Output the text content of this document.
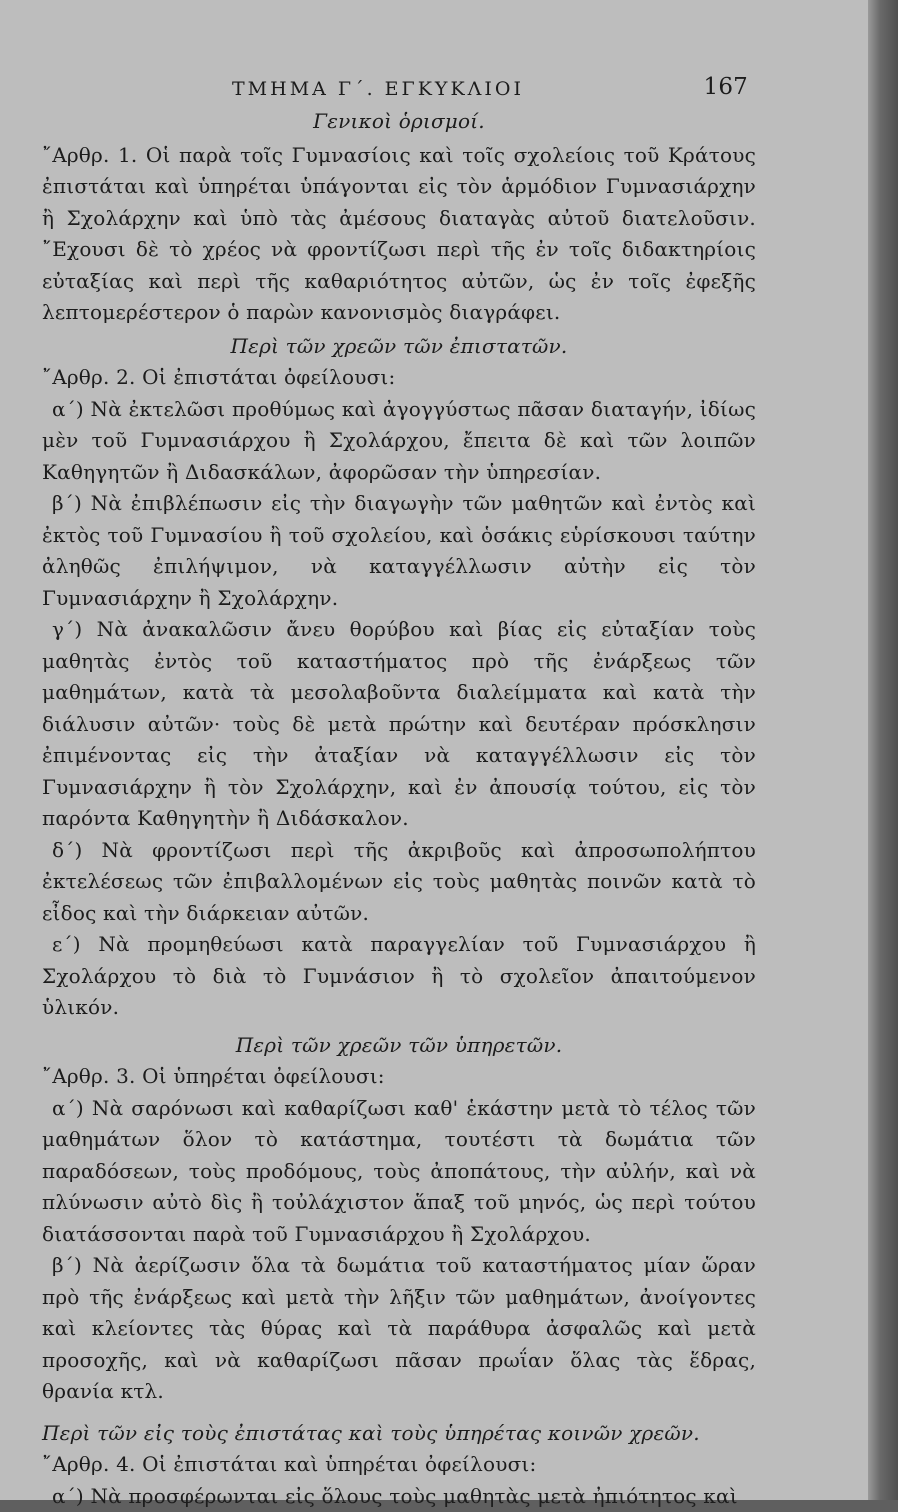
ΤΜΗΜΑ Γ΄. ΕΓΚΥΚΛΙΟΙ	167
Γενικοὶ ὁρισμοί.

῎Αρθρ. 1. Οἱ παρὰ τοῖς Γυμνασίοις καὶ τοῖς σχολείοις τοῦ Κράτους ἐπιστάται καὶ ὑπηρέται ὑπάγονται εἰς τὸν ἁρμόδιον Γυμνασιάρχην ἢ Σχολάρχην καὶ ὑπὸ τὰς ἀμέσους διαταγὰς αὐτοῦ διατελοῦσιν. ῎Εχουσι δὲ τὸ χρέος νὰ φροντίζωσι περὶ τῆς ἐν τοῖς διδακτηρίοις εὐταξίας καὶ περὶ τῆς καθαριότητος αὐτῶν, ὡς ἐν τοῖς ἐφεξῆς λεπτομερέστερον ὁ παρὼν κανονισμὸς διαγράφει.

Περὶ τῶν χρεῶν τῶν ἐπιστατῶν.

῎Αρθρ. 2. Οἱ ἐπιστάται ὀφείλουσι:

α΄) Νὰ ἐκτελῶσι προθύμως καὶ ἀγογγύστως πᾶσαν διαταγήν, ἰδίως μὲν τοῦ Γυμνασιάρχου ἢ Σχολάρχου, ἔπειτα δὲ καὶ τῶν λοιπῶν Καθηγητῶν ἢ Διδασκάλων, ἀφορῶσαν τὴν ὑπηρεσίαν.

β΄) Νὰ ἐπιβλέπωσιν εἰς τὴν διαγωγὴν τῶν μαθητῶν καὶ ἐντὸς καὶ ἐκτὸς τοῦ Γυμνασίου ἢ τοῦ σχολείου, καὶ ὁσάκις εὑρίσκουσι ταύτην ἀληθῶς ἐπιλήψιμον, νὰ καταγγέλλωσιν αὐτὴν εἰς τὸν Γυμνασιάρχην ἢ Σχολάρχην.

γ΄) Νὰ ἀνακαλῶσιν ἄνευ θορύβου καὶ βίας εἰς εὐταξίαν τοὺς μαθητὰς ἐντὸς τοῦ καταστήματος πρὸ τῆς ἐνάρξεως τῶν μαθημάτων, κατὰ τὰ μεσολαβοῦντα διαλείμματα καὶ κατὰ τὴν διάλυσιν αὐτῶν· τοὺς δὲ μετὰ πρώτην καὶ δευτέραν πρόσκλησιν ἐπιμένοντας εἰς τὴν ἀταξίαν νὰ καταγγέλλωσιν εἰς τὸν Γυμνασιάρχην ἢ τὸν Σχολάρχην, καὶ ἐν ἀπουσίᾳ τούτου, εἰς τὸν παρόντα Καθηγητὴν ἢ Διδάσκαλον.

δ΄) Νὰ φροντίζωσι περὶ τῆς ἀκριβοῦς καὶ ἀπροσωπολήπτου ἐκτελέσεως τῶν ἐπιβαλλομένων εἰς τοὺς μαθητὰς ποινῶν κατὰ τὸ εἶδος καὶ τὴν διάρκειαν αὐτῶν.

ε΄) Νὰ προμηθεύωσι κατὰ παραγγελίαν τοῦ Γυμνασιάρχου ἢ Σχολάρχου τὸ διὰ τὸ Γυμνάσιον ἢ τὸ σχολεῖον ἀπαιτούμενον ὑλικόν.

Περὶ τῶν χρεῶν τῶν ὑπηρετῶν.

῎Αρθρ. 3. Οἱ ὑπηρέται ὀφείλουσι:

α΄) Νὰ σαρόνωσι καὶ καθαρίζωσι καθ' ἑκάστην μετὰ τὸ τέλος τῶν μαθημάτων ὅλον τὸ κατάστημα, τουτέστι τὰ δωμάτια τῶν παραδόσεων, τοὺς προδόμους, τοὺς ἀποπάτους, τὴν αὐλήν, καὶ νὰ πλύνωσιν αὐτὸ δὶς ἢ τοὐλάχιστον ἅπαξ τοῦ μηνός, ὡς περὶ τούτου διατάσσονται παρὰ τοῦ Γυμνασιάρχου ἢ Σχολάρχου.

β΄) Νὰ ἀερίζωσιν ὅλα τὰ δωμάτια τοῦ καταστήματος μίαν ὥραν πρὸ τῆς ἐνάρξεως καὶ μετὰ τὴν λῆξιν τῶν μαθημάτων, ἀνοίγοντες καὶ κλείοντες τὰς θύρας καὶ τὰ παράθυρα ἀσφαλῶς καὶ μετὰ προσοχῆς, καὶ νὰ καθαρίζωσι πᾶσαν πρωΐαν ὅλας τὰς ἕδρας, θρανία κτλ.

Περὶ τῶν εἰς τοὺς ἐπιστάτας καὶ τοὺς ὑπηρέτας κοινῶν χρεῶν.

῎Αρθρ. 4. Οἱ ἐπιστάται καὶ ὑπηρέται ὀφείλουσι:

α΄) Νὰ προσφέρωνται εἰς ὅλους τοὺς μαθητὰς μετὰ ἠπιότητος καὶ
